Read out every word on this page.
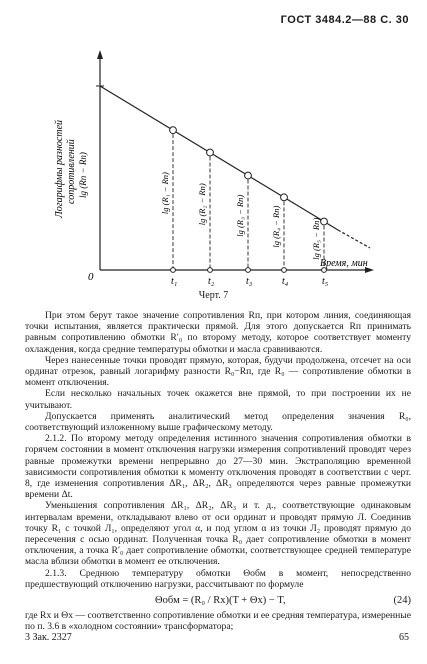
ГОСТ 3484.2—88 С. 30
Логарифмы разностей сопротивлений lg (Rп − Rп)
t₁
lg (R₁ − Rп)
t₂
lg (R₂ − Rп)
t₃
lg (R₃ − Rп)
t₄
lg (R₄ − Rп)
t₅
lg (R₅ − Rп)
0
Время, мин
Черт. 7

При этом берут такое значение сопротивления Rп, при котором линия, соединяющая точки испытания, является практически прямой. Для этого допускается Rп принимать равным сопротивлению обмотки R′₀ по второму методу, которое соответствует моменту охлаждения, когда средние температуры обмотки и масла сравниваются.

Через нанесенные точки проводят прямую, которая, будучи продолжена, отсечет на оси ординат отрезок, равный логарифму разности R₀−Rп, где R₀ — сопротивление обмотки в момент отключения.

Если несколько начальных точек окажется вне прямой, то при построении их не учитывают.

Допускается применять аналитический метод определения значения R₀, соответствующий изложенному выше графическому методу.

2.1.2. По второму методу определения истинного значения сопротивления обмотки в горячем состоянии в момент отключения нагрузки измерения сопротивлений проводят через равные промежутки времени непрерывно до 27—30 мин. Экстраполяцию временной зависимости сопротивления обмотки к моменту отключения проводят в соответствии с черт. 8, где изменения сопротивления ΔR₁, ΔR₂, ΔR₃ определяются через равные промежутки времени Δt.

Уменьшения сопротивления ΔR₁, ΔR₂, ΔR₃ и т. д., соответствующие одинаковым интервалам времени, откладывают влево от оси ординат и проводят прямую Л. Соединив точку R₁ с точкой Л₁, определяют угол α, и под углом α из точки Л₂ проводят прямую до пересечения с осью ординат. Полученная точка R₀ дает сопротивление обмотки в момент отключения, а точка R′₀ дает сопротивление обмотки, соответствующее средней температуре масла вблизи обмотки в момент ее отключения.

2.1.3. Среднюю температуру обмотки Θобм в момент, непосредственно предшествующий отключению нагрузки, рассчитывают по формуле

Θобм = (R₀ / Rх)(T + Θх) − T,	(24)

где Rх и Θх — соответственно сопротивление обмотки и ее средняя температура, измеренные по п. 3.6 в «холодном состоянии» трансформатора;

3 Зак. 2327	65
